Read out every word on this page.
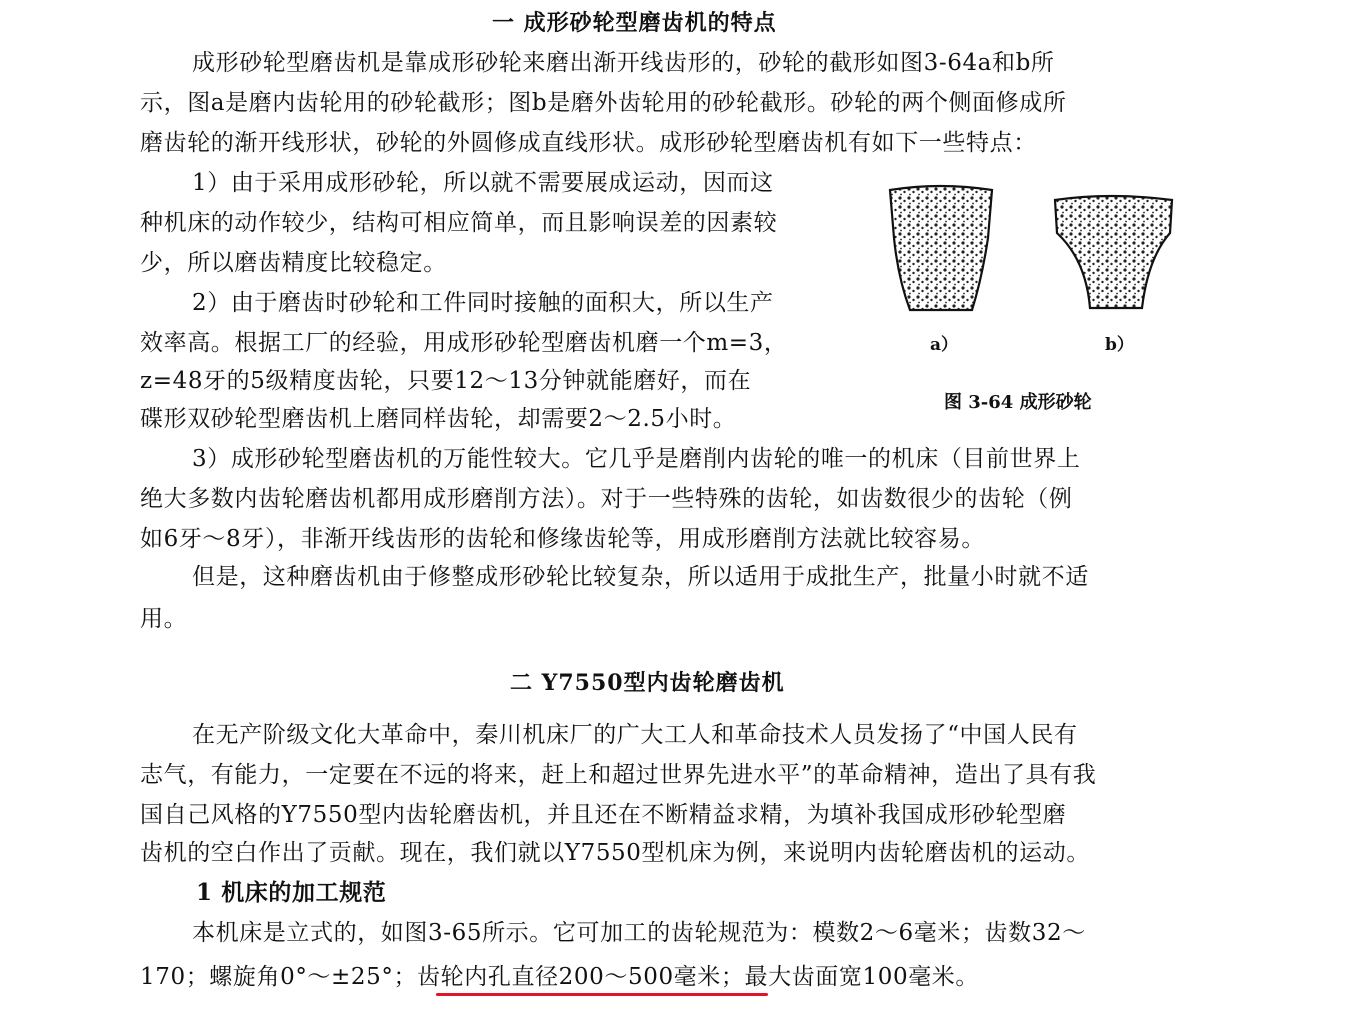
一 成形砂轮型磨齿机的特点
成形砂轮型磨齿机是靠成形砂轮来磨出渐开线齿形的，砂轮的截形如图3-64a和b所
示，图a是磨内齿轮用的砂轮截形；图b是磨外齿轮用的砂轮截形。砂轮的两个侧面修成所
磨齿轮的渐开线形状，砂轮的外圆修成直线形状。成形砂轮型磨齿机有如下一些特点：
1）由于采用成形砂轮，所以就不需要展成运动，因而这
种机床的动作较少，结构可相应简单，而且影响误差的因素较
少，所以磨齿精度比较稳定。
2）由于磨齿时砂轮和工件同时接触的面积大，所以生产
效率高。根据工厂的经验，用成形砂轮型磨齿机磨一个m=3，
z=48牙的5级精度齿轮，只要12～13分钟就能磨好，而在
碟形双砂轮型磨齿机上磨同样齿轮，却需要2～2.5小时。
a）	b）
图 3-64 成形砂轮
3）成形砂轮型磨齿机的万能性较大。它几乎是磨削内齿轮的唯一的机床（目前世界上
绝大多数内齿轮磨齿机都用成形磨削方法）。对于一些特殊的齿轮，如齿数很少的齿轮（例
如6牙～8牙），非渐开线齿形的齿轮和修缘齿轮等，用成形磨削方法就比较容易。
但是，这种磨齿机由于修整成形砂轮比较复杂，所以适用于成批生产，批量小时就不适
用。
二 Y7550型内齿轮磨齿机
在无产阶级文化大革命中，秦川机床厂的广大工人和革命技术人员发扬了“中国人民有
志气，有能力，一定要在不远的将来，赶上和超过世界先进水平”的革命精神，造出了具有我
国自己风格的Y7550型内齿轮磨齿机，并且还在不断精益求精，为填补我国成形砂轮型磨
齿机的空白作出了贡献。现在，我们就以Y7550型机床为例，来说明内齿轮磨齿机的运动。
1 机床的加工规范
本机床是立式的，如图3-65所示。它可加工的齿轮规范为：模数2～6毫米；齿数32～
170；螺旋角0°～±25°；齿轮内孔直径200～500毫米；最大齿面宽100毫米。
